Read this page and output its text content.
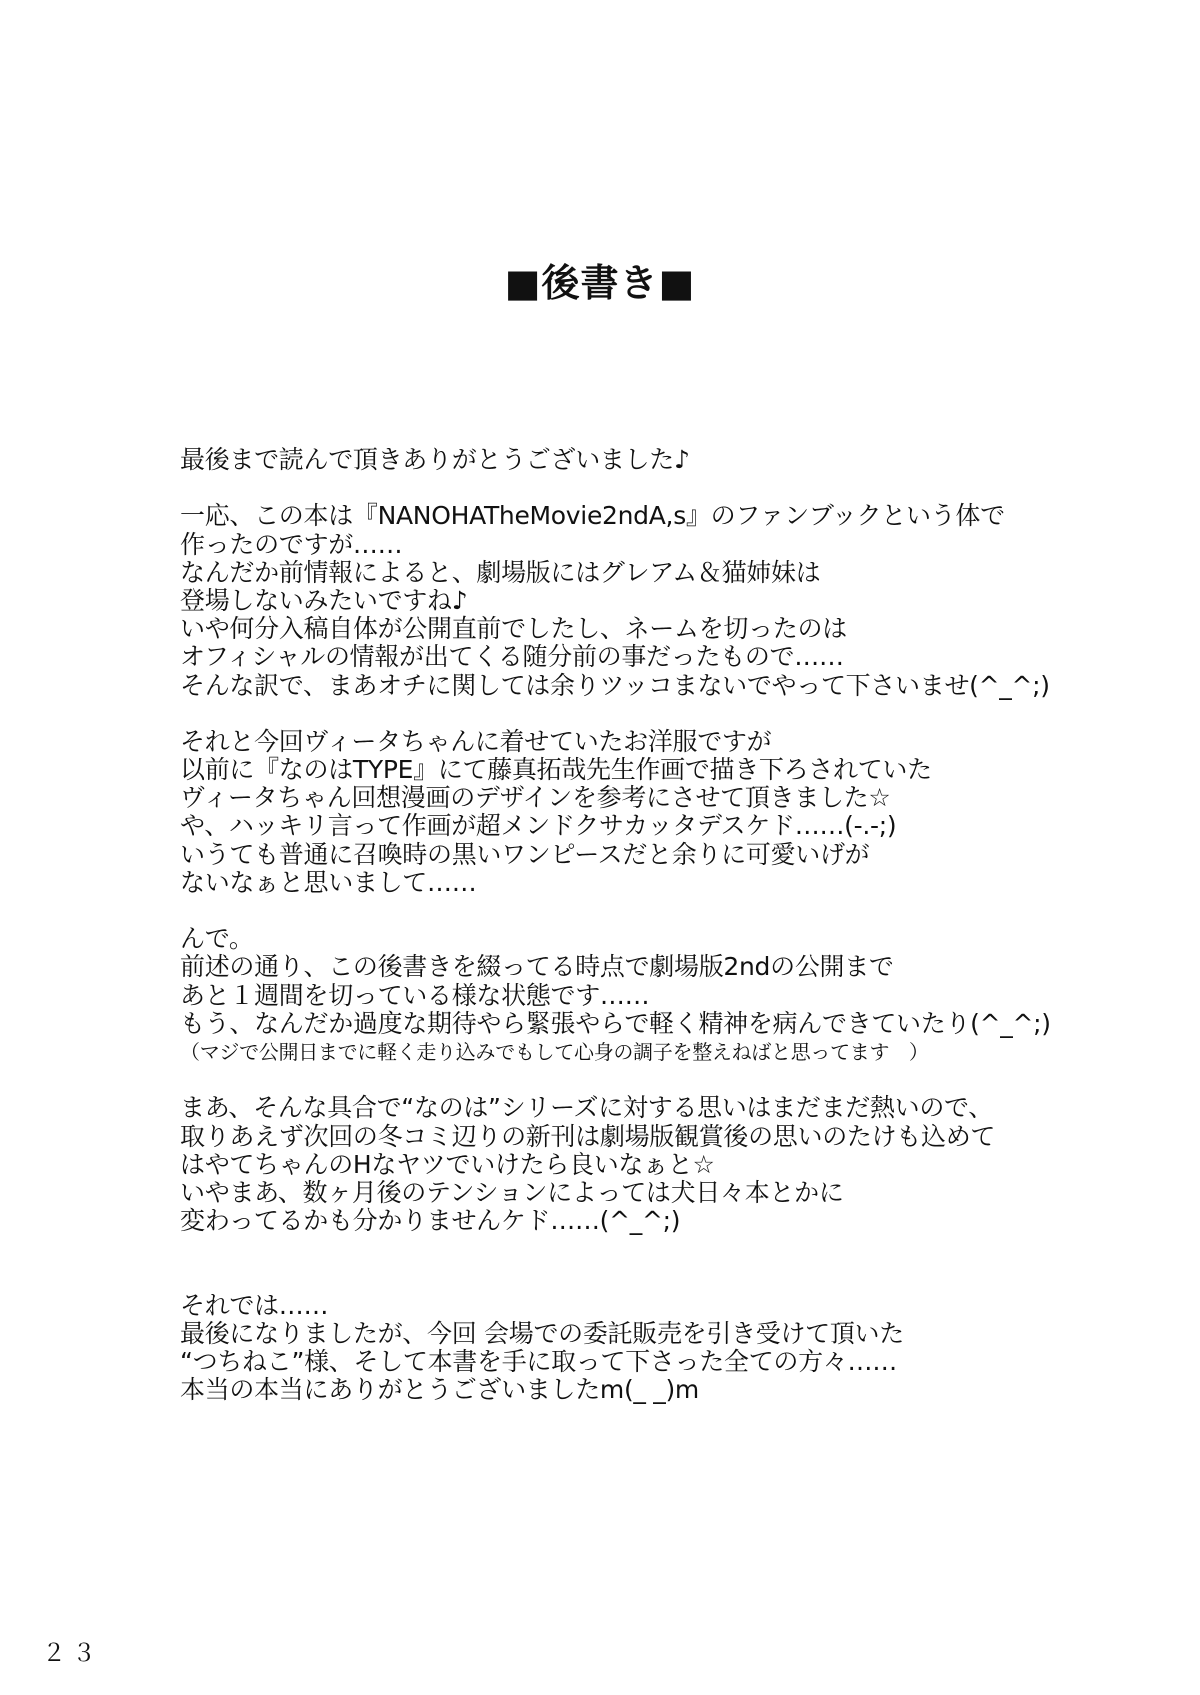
■後書き■
最後まで読んで頂きありがとうございました♪
一応、この本は『NANOHATheMovie2ndA,s』のファンブックという体で
作ったのですが……
なんだか前情報によると、劇場版にはグレアム＆猫姉妹は
登場しないみたいですね♪
いや何分入稿自体が公開直前でしたし、ネームを切ったのは
オフィシャルの情報が出てくる随分前の事だったもので……
そんな訳で、まあオチに関しては余りツッコまないでやって下さいませ(^_^;)
それと今回ヴィータちゃんに着せていたお洋服ですが
以前に『なのはTYPE』にて藤真拓哉先生作画で描き下ろされていた
ヴィータちゃん回想漫画のデザインを参考にさせて頂きました☆
や、ハッキリ言って作画が超メンドクサカッタデスケド……(-.-;)
いうても普通に召喚時の黒いワンピースだと余りに可愛いげが
ないなぁと思いまして……
んで。
前述の通り、この後書きを綴ってる時点で劇場版2ndの公開まで
あと１週間を切っている様な状態です……
もう、なんだか過度な期待やら緊張やらで軽く精神を病んできていたり(^_^;)
（マジで公開日までに軽く走り込みでもして心身の調子を整えねばと思ってます　）
まあ、そんな具合で“なのは”シリーズに対する思いはまだまだ熱いので、
取りあえず次回の冬コミ辺りの新刊は劇場版観賞後の思いのたけも込めて
はやてちゃんのHなヤツでいけたら良いなぁと☆
いやまあ、数ヶ月後のテンションによっては犬日々本とかに
変わってるかも分かりませんケド……(^_^;)
それでは……
最後になりましたが、今回 会場での委託販売を引き受けて頂いた
“つちねこ”様、そして本書を手に取って下さった全ての方々……
本当の本当にありがとうございましたm(_ _)m
２３
